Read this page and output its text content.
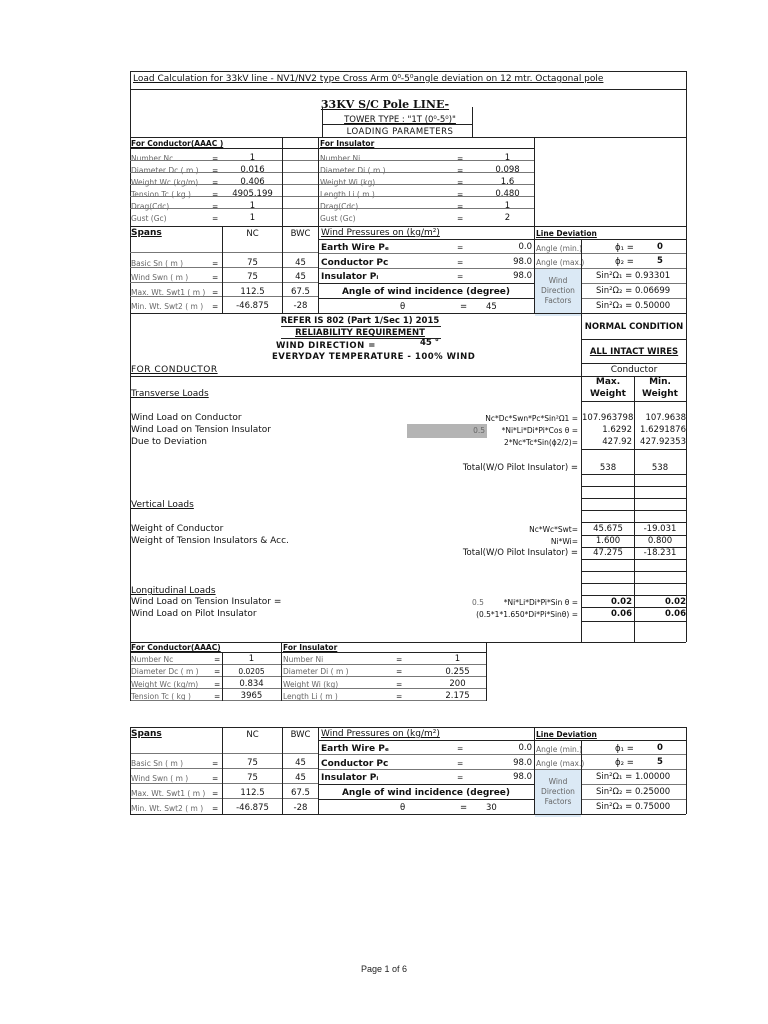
Load Calculation for 33kV line - NV1/NV2 type Cross Arm 0⁰-5⁰angle deviation on 12 mtr. Octagonal pole
33KV S/C Pole LINE-
TOWER TYPE : "1T (0⁰-5⁰)"
LOADING PARAMETERS
For Conductor(AAAC )	For Insulator
Number Nc	=	1
Diameter Dc ( m ) =	0.016
Weight Wc (kg/m) =	0.406
Tension Tc ( kg )	=	4905.199
Drag(Cdc)	=	1
Gust (Gc)	=	1
Number Ni	=	1
Diameter Di ( m )	=	0.098
Weight Wi (kg)	=	1.6
Length Li ( m )	=	0.480
Drag(Cdc)	=	1
Gust (Gc)	=	2
Spans	NC	BWC	Wind Pressures on (kg/m²)	Line Deviation
Basic Sn ( m )	=	75	45
Wind Swn ( m )	=	75	45
Max. Wt. Swt1 ( m ) =	112.5	67.5
Min. Wt. Swt2 ( m ) =	-46.875	-28
Earth Wire Pₑ	=	0.0
Conductor Pᴄ	=	98.0
Insulator Pᵢ	=	98.0
Angle of wind incidence (degree)
θ	= 45
Angle (min.)	ϕ₁ =	0
Angle (max.)	ϕ₂ =	5
Wind
Direction
Factors
Sin²Ω₁ = 0.93301
Sin²Ω₂ = 0.06699
Sin²Ω₃ = 0.50000
REFER IS 802 (Part 1/Sec 1) 2015
RELIABILITY REQUIREMENT
WIND DIRECTION =	45 °
EVERYDAY TEMPERATURE - 100% WIND
NORMAL CONDITION
ALL INTACT WIRES
Conductor
Max.	Min.
Weight	Weight
FOR CONDUCTOR
Transverse Loads
Wind Load on Conductor	Nc*Dc*Swn*Pc*Sin²Ω1 = 107.963798	107.9638
0.5
Wind Load on Tension Insulator	*Ni*Li*Di*Pi*Cos θ =	1.6292 1.6291876
Due to Deviation	2*Nc*Tc*Sin(ϕ2/2)=	427.92 427.92353
Total(W/O Pilot Insulator) =	538	538
Vertical Loads
Weight of Conductor	Nc*Wc*Swt=	45.675	-19.031
Weight of Tension Insulators & Acc.	Ni*Wi=	1.600	0.800
Total(W/O Pilot Insulator) =	47.275	-18.231
Longitudinal Loads
Wind Load on Tension Insulator =	0.5	*Ni*Li*Di*Pi*Sin θ =	0.02	0.02
Wind Load on Pilot Insulator	(0.5*1*1.650*Di*Pi*Sinθ) =	0.06	0.06
For Conductor(AAAC)	For Insulator
Number Nc	=	1
Diameter Dc ( m ) =	0.0205
Weight Wc (kg/m) =	0.834
Tension Tc ( kg )	=	3965
Number Ni	=	1
Diameter Di ( m )	=	0.255
Weight Wi (kg)	=	200
Length Li ( m )	=	2.175
Spans	NC	BWC	Wind Pressures on (kg/m²)	Line Deviation
Basic Sn ( m )	=	75	45
Wind Swn ( m )	=	75	45
Max. Wt. Swt1 ( m ) =	112.5	67.5
Min. Wt. Swt2 ( m ) =	-46.875	-28
Earth Wire Pₑ	=	0.0
Conductor Pᴄ	=	98.0
Insulator Pᵢ	=	98.0
Angle of wind incidence (degree)
θ	= 30
Angle (min.)	ϕ₁ =	0
Angle (max.)	ϕ₂ =	5
Wind
Direction
Factors
Sin²Ω₁ = 1.00000
Sin²Ω₂ = 0.25000
Sin²Ω₃ = 0.75000
Page 1 of 6
